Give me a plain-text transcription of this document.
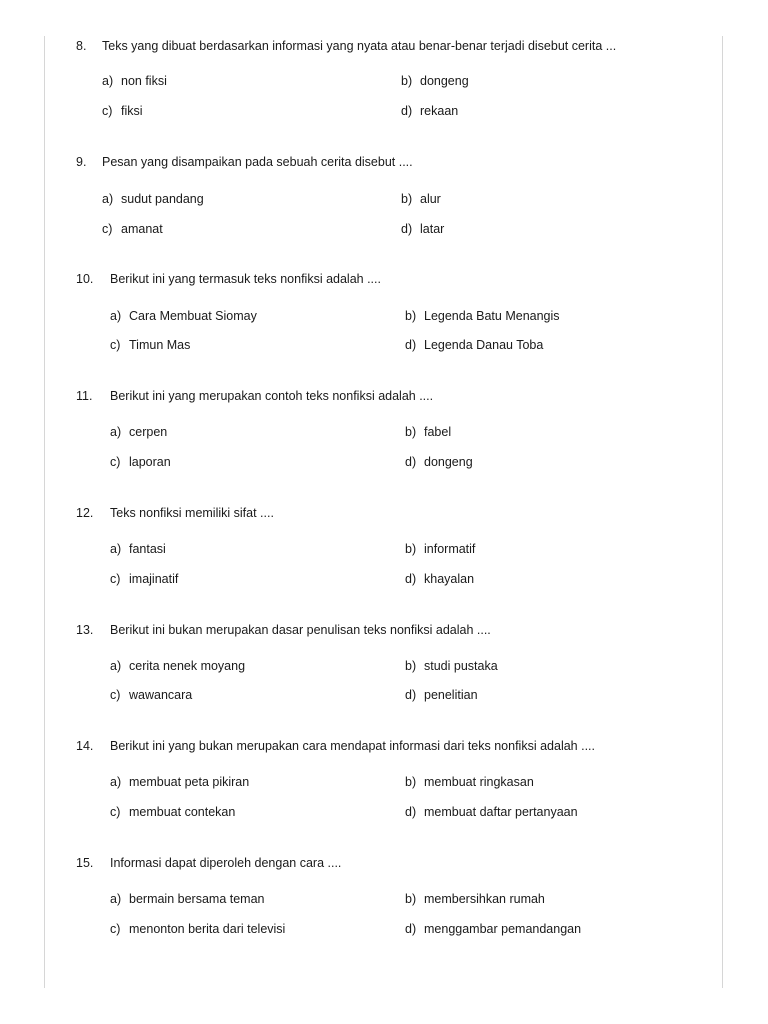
8. Teks yang dibuat berdasarkan informasi yang nyata atau benar-benar terjadi disebut cerita ...
a) non fiksi	b) dongeng
c) fiksi	d) rekaan
9. Pesan yang disampaikan pada sebuah cerita disebut ....
a) sudut pandang	b) alur
c) amanat	d) latar
10. Berikut ini yang termasuk teks nonfiksi adalah ....
a) Cara Membuat Siomay	b) Legenda Batu Menangis
c) Timun Mas	d) Legenda Danau Toba
11. Berikut ini yang merupakan contoh teks nonfiksi adalah ....
a) cerpen	b) fabel
c) laporan	d) dongeng
12. Teks nonfiksi memiliki sifat ....
a) fantasi	b) informatif
c) imajinatif	d) khayalan
13. Berikut ini bukan merupakan dasar penulisan teks nonfiksi adalah ....
a) cerita nenek moyang	b) studi pustaka
c) wawancara	d) penelitian
14. Berikut ini yang bukan merupakan cara mendapat informasi dari teks nonfiksi adalah ....
a) membuat peta pikiran	b) membuat ringkasan
c) membuat contekan	d) membuat daftar pertanyaan
15. Informasi dapat diperoleh dengan cara ....
a) bermain bersama teman	b) membersihkan rumah
c) menonton berita dari televisi	d) menggambar pemandangan
